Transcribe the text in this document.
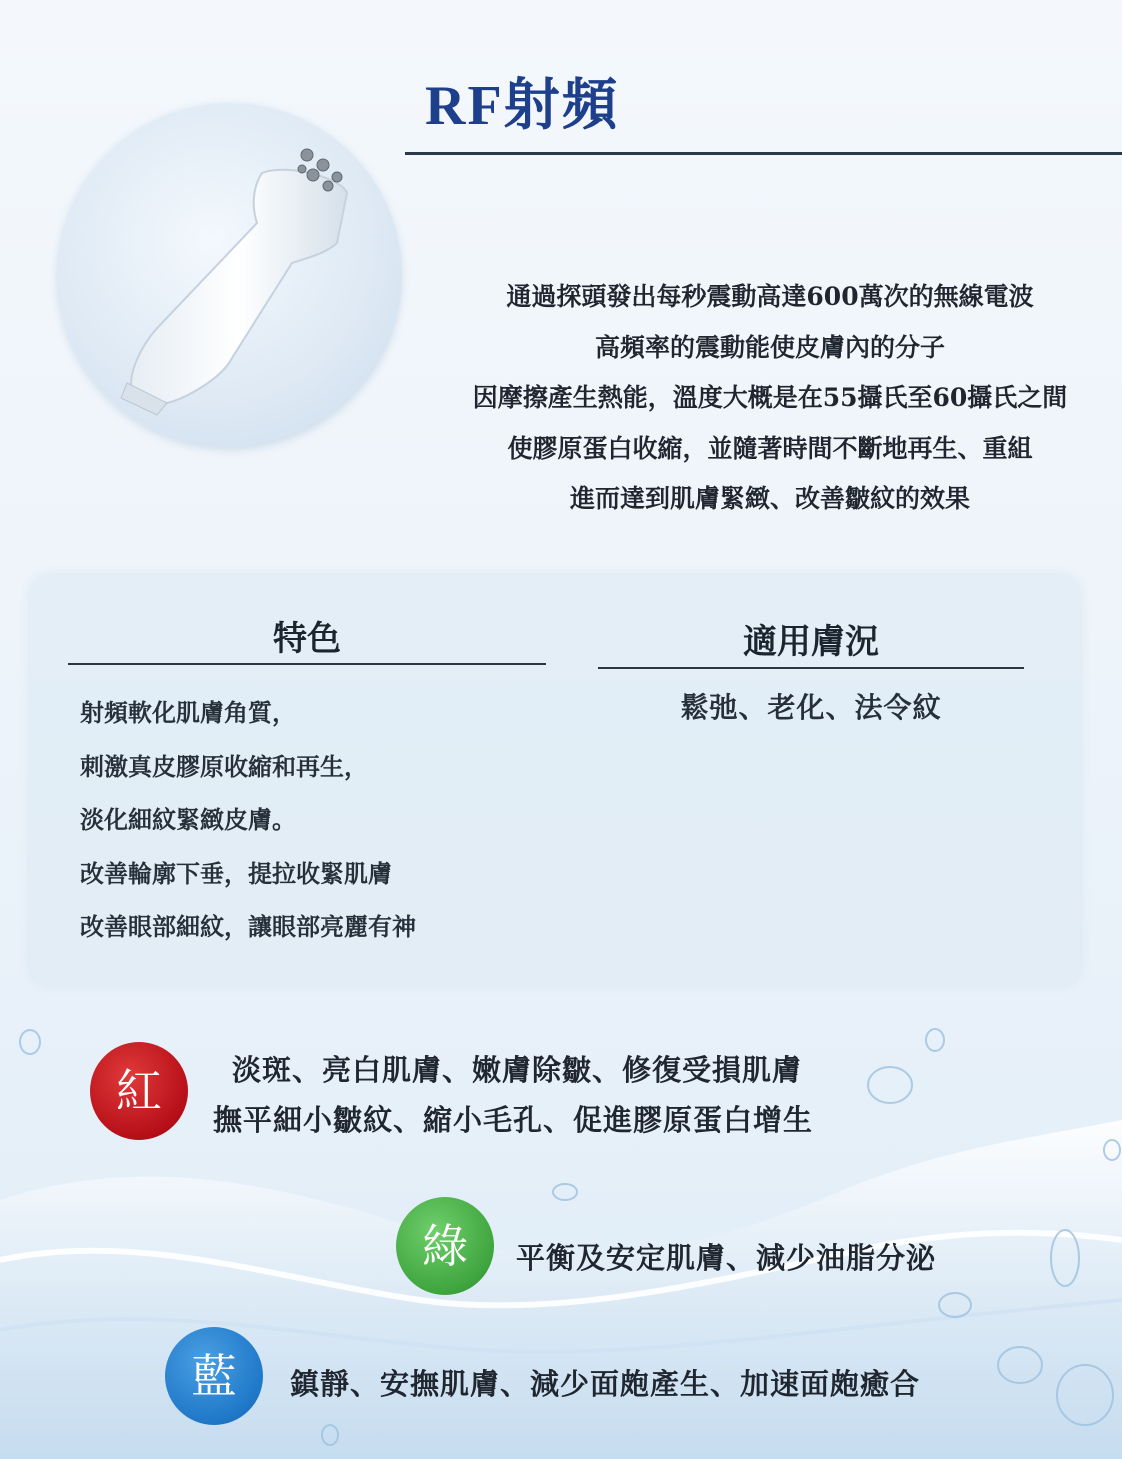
RF射頻
通過探頭發出每秒震動高達600萬次的無線電波
高頻率的震動能使皮膚內的分子
因摩擦產生熱能，溫度大概是在55攝氏至60攝氏之間
使膠原蛋白收縮，並隨著時間不斷地再生、重組
進而達到肌膚緊緻、改善皺紋的效果
特色
射頻軟化肌膚角質，
刺激真皮膠原收縮和再生，
淡化細紋緊緻皮膚。
改善輪廓下垂，提拉收緊肌膚
改善眼部細紋，讓眼部亮麗有神
適用膚況
鬆弛、老化、法令紋
紅	淡斑、亮白肌膚、嫩膚除皺、修復受損肌膚
撫平細小皺紋、縮小毛孔、促進膠原蛋白增生
綠	平衡及安定肌膚、減少油脂分泌
藍	鎮靜、安撫肌膚、減少面皰產生、加速面皰癒合
